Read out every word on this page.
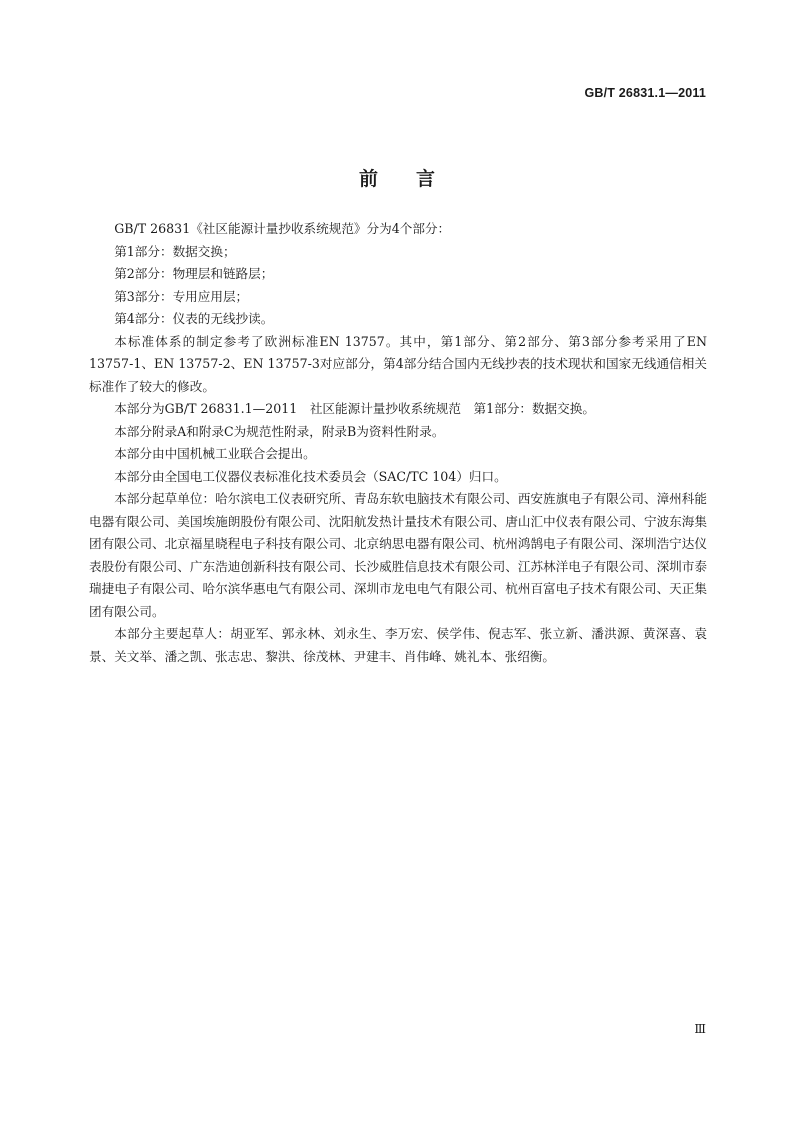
GB/T 26831.1—2011
前 言

GB/T 26831《社区能源计量抄收系统规范》分为4个部分：

第1部分：数据交换；

第2部分：物理层和链路层；

第3部分：专用应用层；

第4部分：仪表的无线抄读。

本标准体系的制定参考了欧洲标准EN 13757。其中，第1部分、第2部分、第3部分参考采用了EN 13757-1、EN 13757-2、EN 13757-3对应部分，第4部分结合国内无线抄表的技术现状和国家无线通信相关标准作了较大的修改。

本部分为GB/T 26831.1—2011　社区能源计量抄收系统规范　第1部分：数据交换。

本部分附录A和附录C为规范性附录，附录B为资料性附录。

本部分由中国机械工业联合会提出。

本部分由全国电工仪器仪表标准化技术委员会（SAC/TC 104）归口。

本部分起草单位：哈尔滨电工仪表研究所、青岛东软电脑技术有限公司、西安旌旗电子有限公司、漳州科能电器有限公司、美国埃施朗股份有限公司、沈阳航发热计量技术有限公司、唐山汇中仪表有限公司、宁波东海集团有限公司、北京福星晓程电子科技有限公司、北京纳思电器有限公司、杭州鸿鹄电子有限公司、深圳浩宁达仪表股份有限公司、广东浩迪创新科技有限公司、长沙威胜信息技术有限公司、江苏林洋电子有限公司、深圳市泰瑞捷电子有限公司、哈尔滨华惠电气有限公司、深圳市龙电电气有限公司、杭州百富电子技术有限公司、天正集团有限公司。

本部分主要起草人：胡亚军、郭永林、刘永生、李万宏、侯学伟、倪志军、张立新、潘洪源、黄深喜、袁景、关文举、潘之凯、张志忠、黎洪、徐茂林、尹建丰、肖伟峰、姚礼本、张绍衡。

Ⅲ
